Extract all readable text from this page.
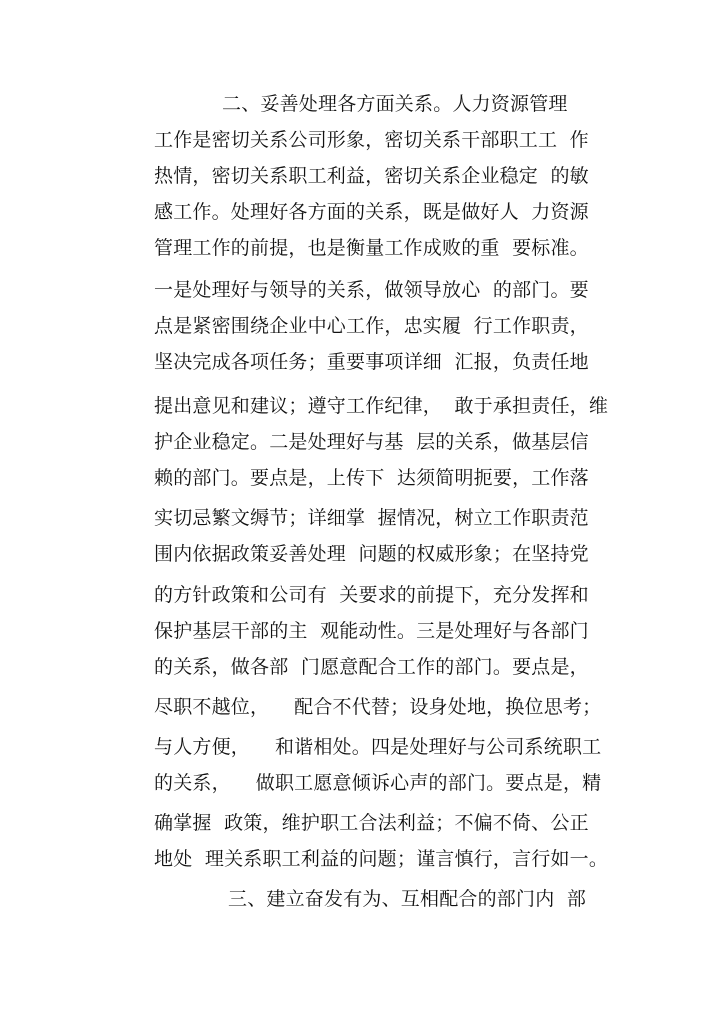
二、妥善处理各方面关系。人力资源管理
工作是密切关系公司形象，密切关系干部职工工  作
热情，密切关系职工利益，密切关系企业稳定  的敏
感工作。处理好各方面的关系，既是做好人  力资源
管理工作的前提，也是衡量工作成败的重  要标准。
一是处理好与领导的关系，做领导放心  的部门。要
点是紧密围绕企业中心工作，忠实履  行工作职责，
坚决完成各项任务；重要事项详细  汇报，负责任地
提出意见和建议；遵守工作纪律，  敢于承担责任，维
护企业稳定。二是处理好与基  层的关系，做基层信
赖的部门。要点是，上传下  达须简明扼要，工作落
实切忌繁文缛节；详细掌  握情况，树立工作职责范
围内依据政策妥善处理  问题的权威形象；在坚持党
的方针政策和公司有  关要求的前提下，充分发挥和
保护基层干部的主  观能动性。三是处理好与各部门
的关系，做各部  门愿意配合工作的部门。要点是，
尽职不越位，    配合不代替；设身处地，换位思考；
与人方便，    和谐相处。四是处理好与公司系统职工
的关系，    做职工愿意倾诉心声的部门。要点是，精
确掌握  政策，维护职工合法利益；不偏不倚、公正
地处  理关系职工利益的问题；谨言慎行，言行如一。
三、建立奋发有为、互相配合的部门内  部
